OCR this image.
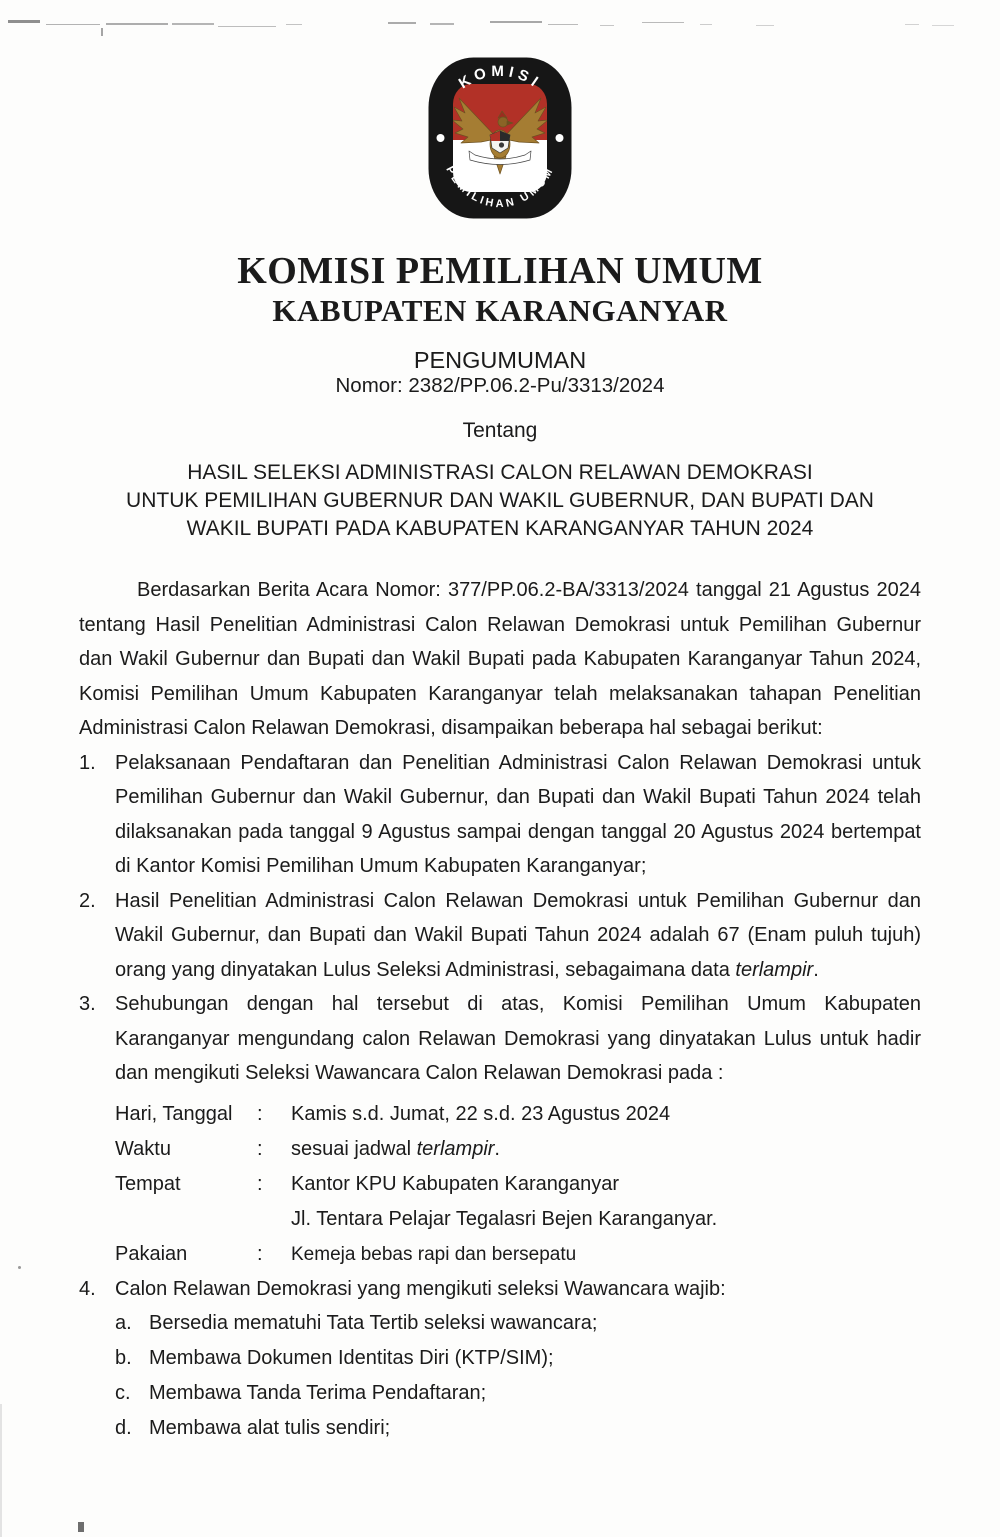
KOMISI
PEMILIHAN UMUM
KOMISI PEMILIHAN UMUM
KABUPATEN KARANGANYAR

PENGUMUMAN

Nomor: 2382/PP.06.2-Pu/3313/2024

Tentang

HASIL SELEKSI ADMINISTRASI CALON RELAWAN DEMOKRASI
UNTUK PEMILIHAN GUBERNUR DAN WAKIL GUBERNUR, DAN BUPATI DAN
WAKIL BUPATI PADA KABUPATEN KARANGANYAR TAHUN 2024

Berdasarkan Berita Acara Nomor: 377/PP.06.2-BA/3313/2024 tanggal 21 Agustus 2024 tentang Hasil Penelitian Administrasi Calon Relawan Demokrasi untuk Pemilihan Gubernur dan Wakil Gubernur dan Bupati dan Wakil Bupati pada Kabupaten Karanganyar Tahun 2024, Komisi Pemilihan Umum Kabupaten Karanganyar telah melaksanakan tahapan Penelitian Administrasi Calon Relawan Demokrasi, disampaikan beberapa hal sebagai berikut:

1. Pelaksanaan Pendaftaran dan Penelitian Administrasi Calon Relawan Demokrasi untuk Pemilihan Gubernur dan Wakil Gubernur, dan Bupati dan Wakil Bupati Tahun 2024 telah dilaksanakan pada tanggal 9 Agustus sampai dengan tanggal 20 Agustus 2024 bertempat di Kantor Komisi Pemilihan Umum Kabupaten Karanganyar;
2. Hasil Penelitian Administrasi Calon Relawan Demokrasi untuk Pemilihan Gubernur dan Wakil Gubernur, dan Bupati dan Wakil Bupati Tahun 2024 adalah 67 (Enam puluh tujuh) orang yang dinyatakan Lulus Seleksi Administrasi, sebagaimana data terlampir.
3. Sehubungan dengan hal tersebut di atas, Komisi Pemilihan Umum Kabupaten Karanganyar mengundang calon Relawan Demokrasi yang dinyatakan Lulus untuk hadir dan mengikuti Seleksi Wawancara Calon Relawan Demokrasi pada :
Hari, Tanggal	:	Kamis s.d. Jumat, 22 s.d. 23 Agustus 2024
Waktu	:	sesuai jadwal terlampir.
Tempat	:	Kantor KPU Kabupaten Karanganyar
Jl. Tentara Pelajar Tegalasri Bejen Karanganyar.
Pakaian	:	Kemeja bebas rapi dan bersepatu
4. Calon Relawan Demokrasi yang mengikuti seleksi Wawancara wajib:
a. Bersedia mematuhi Tata Tertib seleksi wawancara;
b. Membawa Dokumen Identitas Diri (KTP/SIM);
c. Membawa Tanda Terima Pendaftaran;
d. Membawa alat tulis sendiri;
